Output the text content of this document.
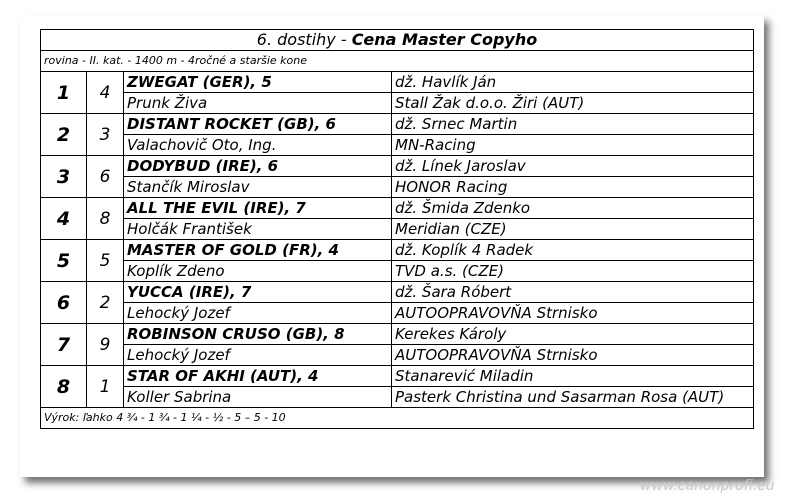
6. dostihy - Cena Master Copyho			
rovina - II. kat. - 1400 m - 4ročné a staršie kone			
1	4	ZWEGAT (GER), 5	dž. Havlík Ján
		Prunk Živa	Stall Žak d.o.o. Žiri (AUT)
2	3	DISTANT ROCKET (GB), 6	dž. Srnec Martin
		Valachovič Oto, Ing.	MN-Racing
3	6	DODYBUD (IRE), 6	dž. Línek Jaroslav
		Stančík Miroslav	HONOR Racing
4	8	ALL THE EVIL (IRE), 7	dž. Šmida Zdenko
		Holčák František	Meridian (CZE)
5	5	MASTER OF GOLD (FR), 4	dž. Koplík 4 Radek
		Koplík Zdeno	TVD a.s. (CZE)
6	2	YUCCA (IRE), 7	dž. Šara Róbert
		Lehocký Jozef	AUTOOPRAVOVŇA Strnisko
7	9	ROBINSON CRUSO (GB), 8	Kerekes Károly
		Lehocký Jozef	AUTOOPRAVOVŇA Strnisko
8	1	STAR OF AKHI (AUT), 4	Stanarević Miladin
		Koller Sabrina	Pasterk Christina und Sasarman Rosa (AUT)
Výrok: ľahko 4 ¾ - 1 ¾ - 1 ¼ - ½ - 5 – 5 - 10			
www.canonprofi.eu
